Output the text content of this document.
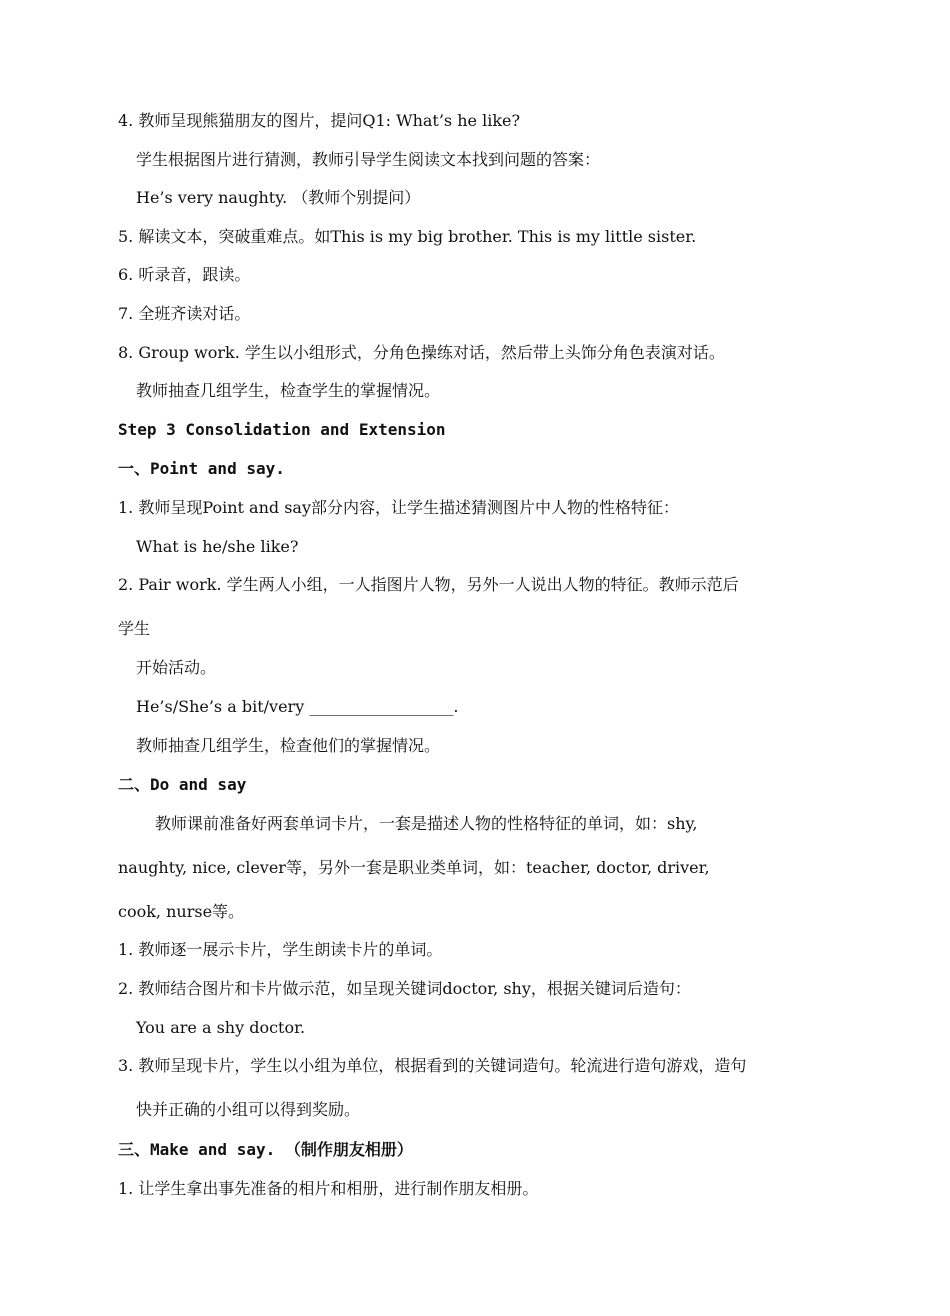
4. 教师呈现熊猫朋友的图片，提问Q1: What’s he like?
学生根据图片进行猜测，教师引导学生阅读文本找到问题的答案：
He’s very naughty. （教师个别提问）
5. 解读文本，突破重难点。如This is my big brother. This is my little sister.
6. 听录音，跟读。
7. 全班齐读对话。
8. Group work. 学生以小组形式，分角色操练对话，然后带上头饰分角色表演对话。
教师抽查几组学生，检查学生的掌握情况。
Step 3 Consolidation and Extension
一、Point and say.
1. 教师呈现Point and say部分内容，让学生描述猜测图片中人物的性格特征：
What is he/she like?
2. Pair work. 学生两人小组，一人指图片人物，另外一人说出人物的特征。教师示范后
学生
开始活动。
He’s/She’s a bit/very __________________.
教师抽查几组学生，检查他们的掌握情况。
二、Do and say
教师课前准备好两套单词卡片，一套是描述人物的性格特征的单词，如：shy,
naughty, nice, clever等，另外一套是职业类单词，如：teacher, doctor, driver,
cook, nurse等。
1. 教师逐一展示卡片，学生朗读卡片的单词。
2. 教师结合图片和卡片做示范，如呈现关键词doctor, shy，根据关键词后造句：
You are a shy doctor.
3. 教师呈现卡片，学生以小组为单位，根据看到的关键词造句。轮流进行造句游戏，造句
快并正确的小组可以得到奖励。
三、Make and say. （制作朋友相册）
1. 让学生拿出事先准备的相片和相册，进行制作朋友相册。
